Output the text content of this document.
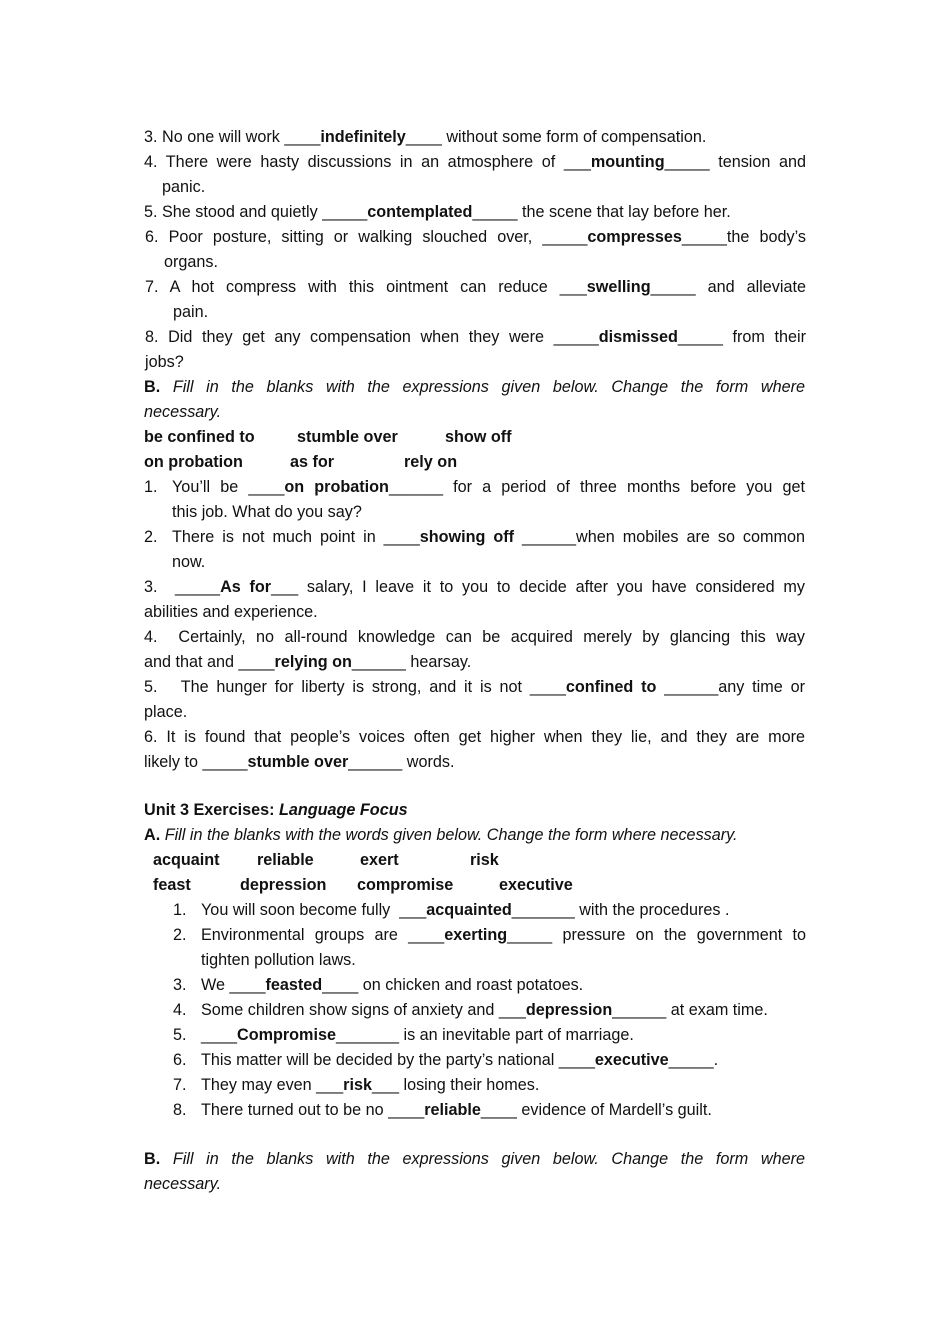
3. No one will work ____indefinitely____ without some form of compensation.
4. There were hasty discussions in an atmosphere of ___mounting_____ tension and
panic.
5. She stood and quietly _____contemplated_____ the scene that lay before her.
6. Poor posture, sitting or walking slouched over, _____compresses_____the body’s
organs.
7. A hot compress with this ointment can reduce ___swelling_____ and alleviate
pain.
8. Did they get any compensation when they were _____dismissed_____ from their
jobs?
B. Fill in the blanks with the expressions given below. Change the form where
necessary.
be confined to	stumble over	show off
on probation	as for	rely on
1. You’ll be ____on probation______ for a period of three months before you get
this job. What do you say?
2. There is not much point in ____showing off ______when mobiles are so common
now.
3.  _____As for___ salary, I leave it to you to decide after you have considered my
abilities and experience.
4.  Certainly, no all-round knowledge can be acquired merely by glancing this way
and that and ____relying on______ hearsay.
5.   The hunger for liberty is strong, and it is not ____confined to ______any time or
place.
6. It is found that people’s voices often get higher when they lie, and they are more
likely to _____stumble over______ words.
Unit 3 Exercises: Language Focus
A. Fill in the blanks with the words given below. Change the form where necessary.
acquaint reliable	exert	risk
feast	depression compromise	executive
1. You will soon become fully  ___acquainted_______ with the procedures .
2. Environmental groups are ____exerting_____ pressure on the government to
tighten pollution laws.
3. We ____feasted____ on chicken and roast potatoes.
4. Some children show signs of anxiety and ___depression______ at exam time.
5. ____Compromise_______ is an inevitable part of marriage.
6. This matter will be decided by the party’s national ____executive_____.
7. They may even ___risk___ losing their homes.
8. There turned out to be no ____reliable____ evidence of Mardell’s guilt.
B. Fill in the blanks with the expressions given below. Change the form where
necessary.
